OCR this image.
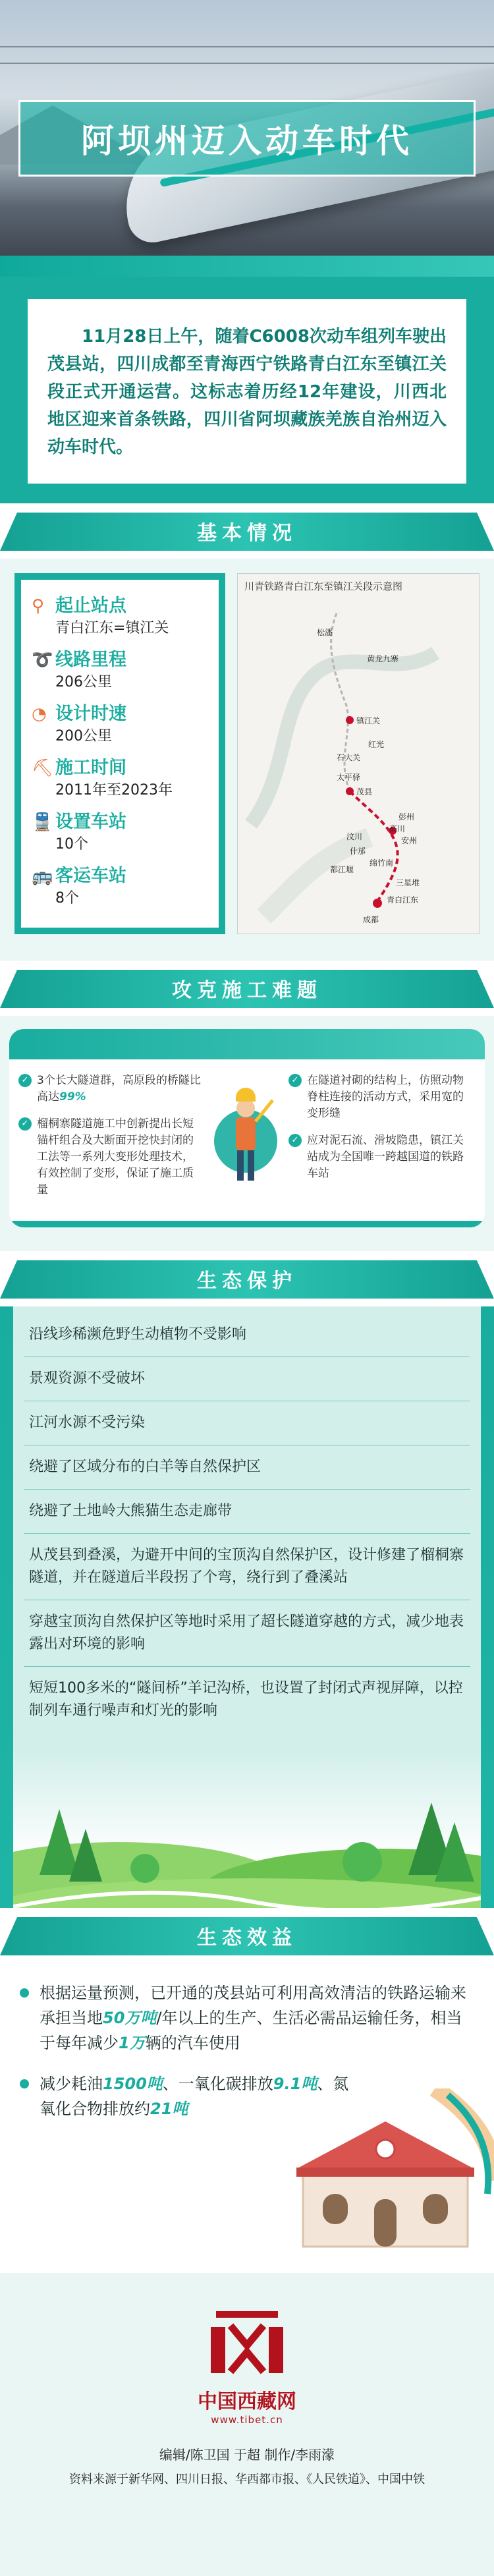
阿坝州迈入动车时代

11月28日上午，随着C6008次动车组列车驶出茂县站，四川成都至青海西宁铁路青白江东至镇江关段正式开通运营。这标志着历经12年建设，川西北地区迎来首条铁路，四川省阿坝藏族羌族自治州迈入动车时代。

基本情况
⚲ 起止站点
青白江东=镇江关
➰ 线路里程
206公里
◔ 设计时速
200公里
⛏ 施工时间
2011年至2023年
🚆 设置车站
10个
🚌 客运车站
8个
川青铁路青白江东至镇江关段示意图
镇江关
松潘
茂县
汶川
都江堰
彭州
青白江东
成都
安州
三星堆
什邡
绵竹南
高川
红光
太平驿
黄龙九寨
石大关
攻克施工难题
✓ 3个长大隧道群，高原段的桥隧比高达99%
✓ 榴桐寨隧道施工中创新提出长短锚杆组合及大断面开挖快封闭的工法等一系列大变形处理技术，有效控制了变形，保证了施工质量
✓ 在隧道衬砌的结构上，仿照动物脊柱连接的活动方式，采用宽的变形缝
✓ 应对泥石流、滑坡隐患，镇江关站成为全国唯一跨越国道的铁路车站
生态保护
沿线珍稀濒危野生动植物不受影响
景观资源不受破坏
江河水源不受污染
绕避了区域分布的白羊等自然保护区
绕避了土地岭大熊猫生态走廊带
从茂县到叠溪，为避开中间的宝顶沟自然保护区，设计修建了榴桐寨隧道，并在隧道后半段拐了个弯，绕行到了叠溪站
穿越宝顶沟自然保护区等地时采用了超长隧道穿越的方式，减少地表露出对环境的影响
短短100多米的“隧间桥”羊记沟桥，也设置了封闭式声视屏障，以控制列车通行噪声和灯光的影响
生态效益

根据运量预测，已开通的茂县站可利用高效清洁的铁路运输来承担当地50万吨/年以上的生产、生活必需品运输任务，相当于每年减少1万辆的汽车使用

减少耗油1500吨、一氧化碳排放9.1吨、氮氧化合物排放约21吨

中国西藏网
www.tibet.cn
编辑/陈卫国 于超 制作/李雨濛
资料来源于新华网、四川日报、华西都市报、《人民铁道》、中国中铁
